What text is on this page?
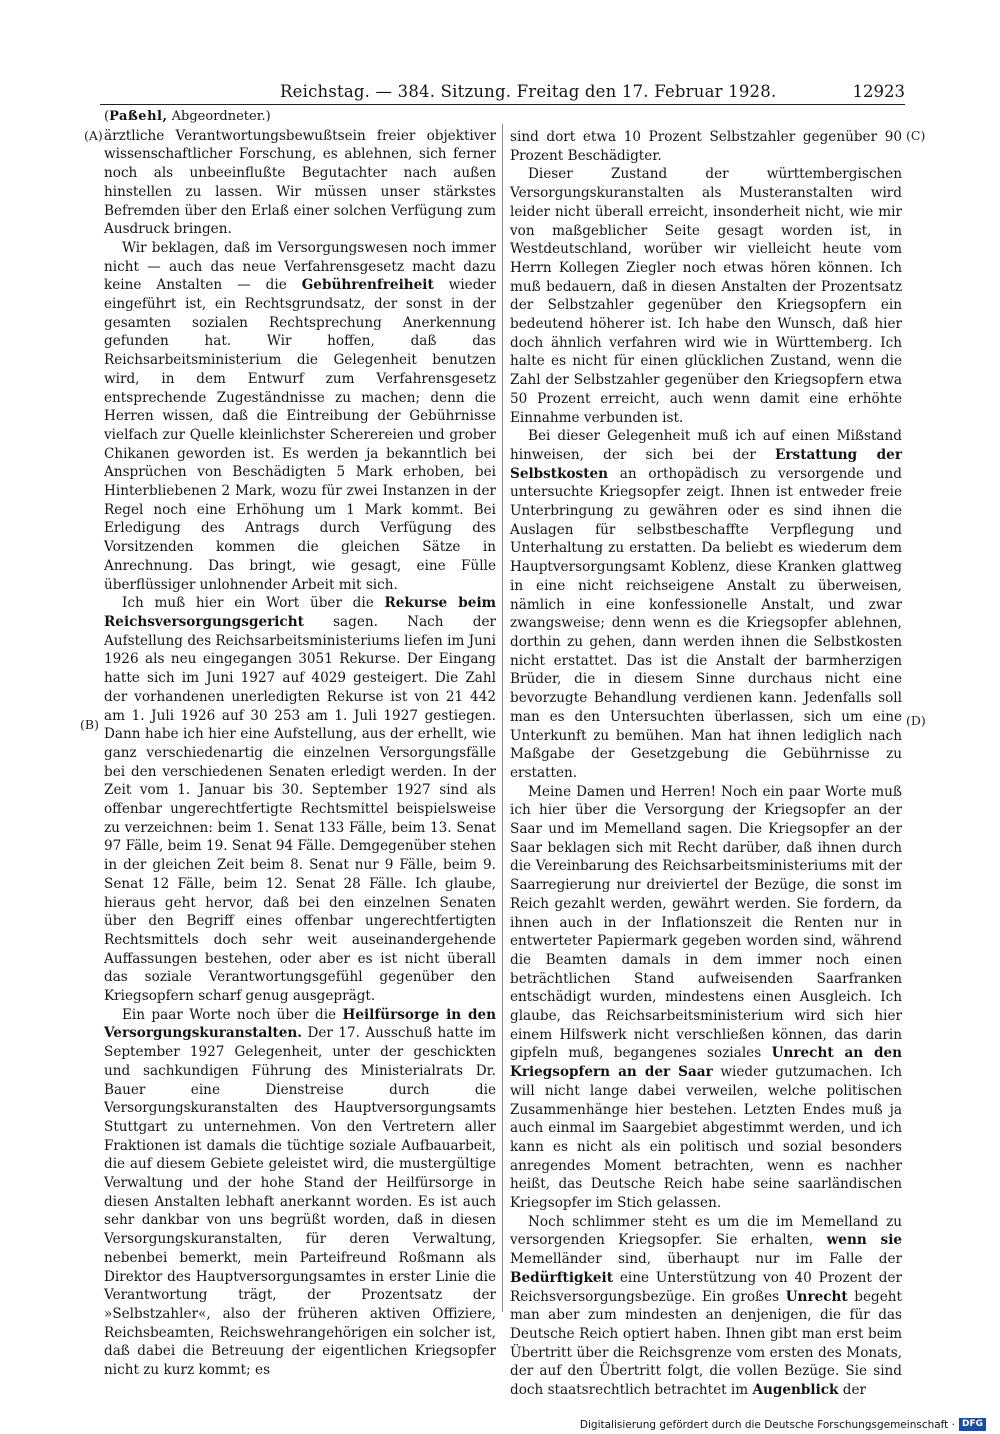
Reichstag. — 384. Sitzung. Freitag den 17. Februar 1928.	12923
(A)
(B)
(C)
(D)

(Paßehl, Abgeordneter.)

ärztliche Verantwortungsbewußtsein freier objektiver wissenschaftlicher Forschung, es ablehnen, sich ferner noch als unbeeinflußte Begutachter nach außen hinstellen zu lassen. Wir müssen unser stärkstes Befremden über den Erlaß einer solchen Verfügung zum Ausdruck bringen.

Wir beklagen, daß im Versorgungswesen noch immer nicht — auch das neue Verfahrensgesetz macht dazu keine Anstalten — die Gebührenfreiheit wieder eingeführt ist, ein Rechtsgrundsatz, der sonst in der gesamten sozialen Rechtsprechung Anerkennung gefunden hat. Wir hoffen, daß das Reichsarbeitsministerium die Gelegenheit benutzen wird, in dem Entwurf zum Verfahrensgesetz entsprechende Zugeständnisse zu machen; denn die Herren wissen, daß die Eintreibung der Gebührnisse vielfach zur Quelle kleinlichster Scherereien und grober Chikanen geworden ist. Es werden ja bekanntlich bei Ansprüchen von Beschädigten 5 Mark erhoben, bei Hinterbliebenen 2 Mark, wozu für zwei Instanzen in der Regel noch eine Erhöhung um 1 Mark kommt. Bei Erledigung des Antrags durch Verfügung des Vorsitzenden kommen die gleichen Sätze in Anrechnung. Das bringt, wie gesagt, eine Fülle überflüssiger unlohnender Arbeit mit sich.

Ich muß hier ein Wort über die Rekurse beim Reichsversorgungsgericht sagen. Nach der Aufstellung des Reichsarbeitsministeriums liefen im Juni 1926 als neu eingegangen 3051 Rekurse. Der Eingang hatte sich im Juni 1927 auf 4029 gesteigert. Die Zahl der vorhandenen unerledigten Rekurse ist von 21 442 am 1. Juli 1926 auf 30 253 am 1. Juli 1927 gestiegen. Dann habe ich hier eine Aufstellung, aus der erhellt, wie ganz verschiedenartig die einzelnen Versorgungsfälle bei den verschiedenen Senaten erledigt werden. In der Zeit vom 1. Januar bis 30. September 1927 sind als offenbar ungerechtfertigte Rechtsmittel beispielsweise zu verzeichnen: beim 1. Senat 133 Fälle, beim 13. Senat 97 Fälle, beim 19. Senat 94 Fälle. Demgegenüber stehen in der gleichen Zeit beim 8. Senat nur 9 Fälle, beim 9. Senat 12 Fälle, beim 12. Senat 28 Fälle. Ich glaube, hieraus geht hervor, daß bei den einzelnen Senaten über den Begriff eines offenbar ungerechtfertigten Rechtsmittels doch sehr weit auseinandergehende Auffassungen bestehen, oder aber es ist nicht überall das soziale Verantwortungsgefühl gegenüber den Kriegsopfern scharf genug ausgeprägt.

Ein paar Worte noch über die Heilfürsorge in den Versorgungskuranstalten. Der 17. Ausschuß hatte im September 1927 Gelegenheit, unter der geschickten und sachkundigen Führung des Ministerialrats Dr. Bauer eine Dienstreise durch die Versorgungskuranstalten des Hauptversorgungsamts Stuttgart zu unternehmen. Von den Vertretern aller Fraktionen ist damals die tüchtige soziale Aufbauarbeit, die auf diesem Gebiete geleistet wird, die mustergültige Verwaltung und der hohe Stand der Heilfürsorge in diesen Anstalten lebhaft anerkannt worden. Es ist auch sehr dankbar von uns begrüßt worden, daß in diesen Versorgungskuranstalten, für deren Verwaltung, nebenbei bemerkt, mein Parteifreund Roßmann als Direktor des Hauptversorgungsamtes in erster Linie die Verantwortung trägt, der Prozentsatz der »Selbstzahler«, also der früheren aktiven Offiziere, Reichsbeamten, Reichswehrangehörigen ein solcher ist, daß dabei die Betreuung der eigentlichen Kriegsopfer nicht zu kurz kommt; es

sind dort etwa 10 Prozent Selbstzahler gegenüber 90 Prozent Beschädigter.

Dieser Zustand der württembergischen Versorgungskuranstalten als Musteranstalten wird leider nicht überall erreicht, insonderheit nicht, wie mir von maßgeblicher Seite gesagt worden ist, in Westdeutschland, worüber wir vielleicht heute vom Herrn Kollegen Ziegler noch etwas hören können. Ich muß bedauern, daß in diesen Anstalten der Prozentsatz der Selbstzahler gegenüber den Kriegsopfern ein bedeutend höherer ist. Ich habe den Wunsch, daß hier doch ähnlich verfahren wird wie in Württemberg. Ich halte es nicht für einen glücklichen Zustand, wenn die Zahl der Selbstzahler gegenüber den Kriegsopfern etwa 50 Prozent erreicht, auch wenn damit eine erhöhte Einnahme verbunden ist.

Bei dieser Gelegenheit muß ich auf einen Mißstand hinweisen, der sich bei der Erstattung der Selbstkosten an orthopädisch zu versorgende und untersuchte Kriegsopfer zeigt. Ihnen ist entweder freie Unterbringung zu gewähren oder es sind ihnen die Auslagen für selbstbeschaffte Verpflegung und Unterhaltung zu erstatten. Da beliebt es wiederum dem Hauptversorgungsamt Koblenz, diese Kranken glattweg in eine nicht reichseigene Anstalt zu überweisen, nämlich in eine konfessionelle Anstalt, und zwar zwangsweise; denn wenn es die Kriegsopfer ablehnen, dorthin zu gehen, dann werden ihnen die Selbstkosten nicht erstattet. Das ist die Anstalt der barmherzigen Brüder, die in diesem Sinne durchaus nicht eine bevorzugte Behandlung verdienen kann. Jedenfalls soll man es den Untersuchten überlassen, sich um eine Unterkunft zu bemühen. Man hat ihnen lediglich nach Maßgabe der Gesetzgebung die Gebührnisse zu erstatten.

Meine Damen und Herren! Noch ein paar Worte muß ich hier über die Versorgung der Kriegsopfer an der Saar und im Memelland sagen. Die Kriegsopfer an der Saar beklagen sich mit Recht darüber, daß ihnen durch die Vereinbarung des Reichsarbeitsministeriums mit der Saarregierung nur dreiviertel der Bezüge, die sonst im Reich gezahlt werden, gewährt werden. Sie fordern, da ihnen auch in der Inflationszeit die Renten nur in entwerteter Papiermark gegeben worden sind, während die Beamten damals in dem immer noch einen beträchtlichen Stand aufweisenden Saarfranken entschädigt wurden, mindestens einen Ausgleich. Ich glaube, das Reichsarbeitsministerium wird sich hier einem Hilfswerk nicht verschließen können, das darin gipfeln muß, begangenes soziales Unrecht an den Kriegsopfern an der Saar wieder gutzumachen. Ich will nicht lange dabei verweilen, welche politischen Zusammenhänge hier bestehen. Letzten Endes muß ja auch einmal im Saargebiet abgestimmt werden, und ich kann es nicht als ein politisch und sozial besonders anregendes Moment betrachten, wenn es nachher heißt, das Deutsche Reich habe seine saarländischen Kriegsopfer im Stich gelassen.

Noch schlimmer steht es um die im Memelland zu versorgenden Kriegsopfer. Sie erhalten, wenn sie Memelländer sind, überhaupt nur im Falle der Bedürftigkeit eine Unterstützung von 40 Prozent der Reichsversorgungsbezüge. Ein großes Unrecht begeht man aber zum mindesten an denjenigen, die für das Deutsche Reich optiert haben. Ihnen gibt man erst beim Übertritt über die Reichsgrenze vom ersten des Monats, der auf den Übertritt folgt, die vollen Bezüge. Sie sind doch staatsrechtlich betrachtet im Augenblick der

Digitalisierung gefördert durch die Deutsche Forschungsgemeinschaft · DFG
